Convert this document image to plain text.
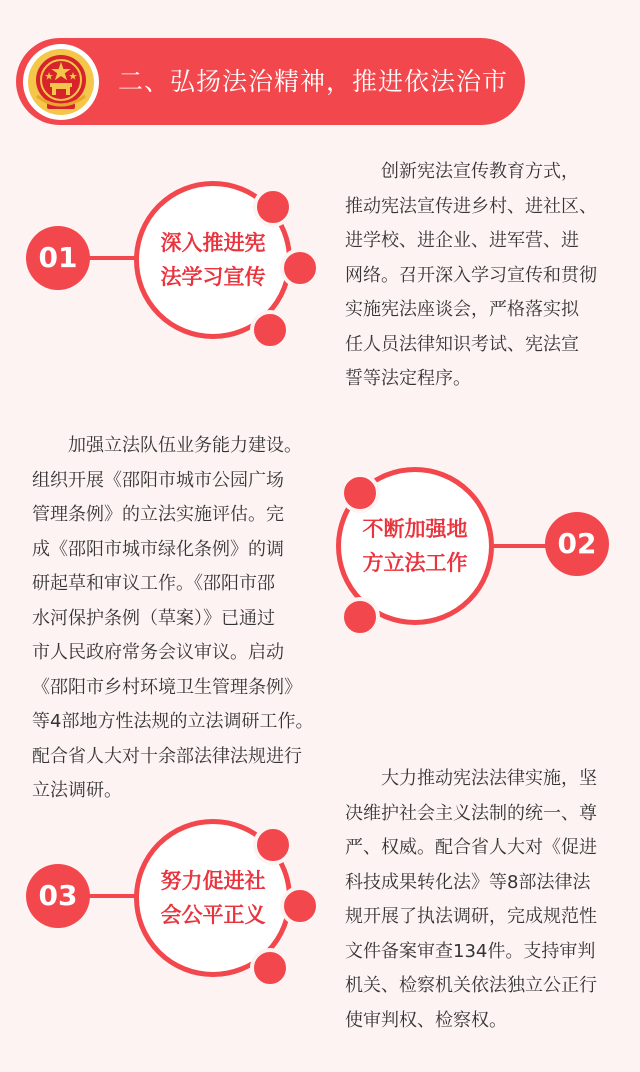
二、弘扬法治精神，推进依法治市
01	深入推进宪
法学习宣传
创新宪法宣传教育方式，
推动宪法宣传进乡村、进社区、
进学校、进企业、进军营、进
网络。召开深入学习宣传和贯彻
实施宪法座谈会，严格落实拟
任人员法律知识考试、宪法宣
誓等法定程序。
02
不断加强地
方立法工作
加强立法队伍业务能力建设。
组织开展《邵阳市城市公园广场
管理条例》的立法实施评估。完
成《邵阳市城市绿化条例》的调
研起草和审议工作。《邵阳市邵
水河保护条例（草案）》已通过
市人民政府常务会议审议。启动
《邵阳市乡村环境卫生管理条例》
等4部地方性法规的立法调研工作。
配合省人大对十余部法律法规进行
立法调研。
03	努力促进社
会公平正义
大力推动宪法法律实施，坚
决维护社会主义法制的统一、尊
严、权威。配合省人大对《促进
科技成果转化法》等8部法律法
规开展了执法调研，完成规范性
文件备案审查134件。支持审判
机关、检察机关依法独立公正行
使审判权、检察权。
